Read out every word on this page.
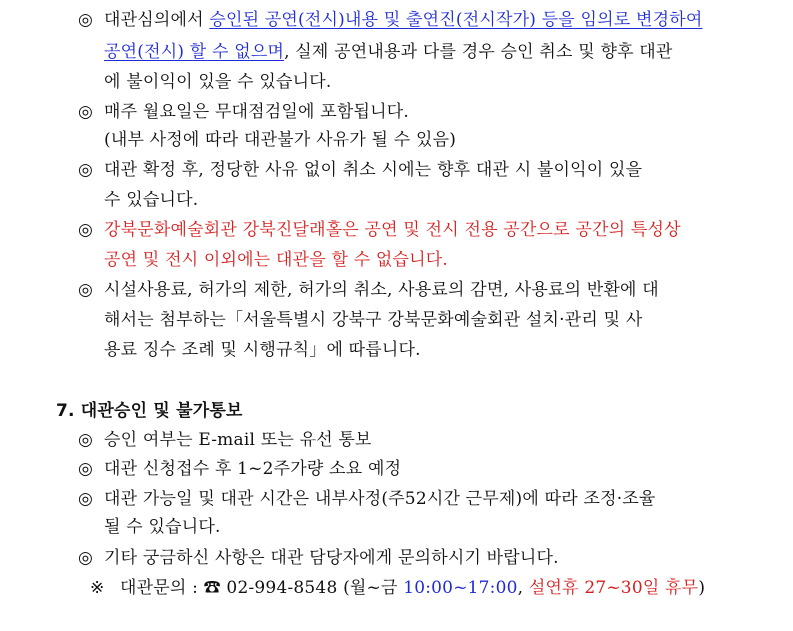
◎ 대관심의에서 승인된 공연(전시)내용 및 출연진(전시작가) 등을 임의로 변경하여
공연(전시) 할 수 없으며, 실제 공연내용과 다를 경우 승인 취소 및 향후 대관
에 불이익이 있을 수 있습니다.
◎ 매주 월요일은 무대점검일에 포함됩니다.
(내부 사정에 따라 대관불가 사유가 될 수 있음)
◎ 대관 확정 후, 정당한 사유 없이 취소 시에는 향후 대관 시 불이익이 있을
수 있습니다.
◎ 강북문화예술회관 강북진달래홀은 공연 및 전시 전용 공간으로 공간의 특성상
공연 및 전시 이외에는 대관을 할 수 없습니다.
◎ 시설사용료, 허가의 제한, 허가의 취소, 사용료의 감면, 사용료의 반환에 대
해서는 첨부하는「서울특별시 강북구 강북문화예술회관 설치·관리 및 사
용료 징수 조례 및 시행규칙」에 따릅니다.
7. 대관승인 및 불가통보
◎ 승인 여부는 E-mail 또는 유선 통보
◎ 대관 신청접수 후 1~2주가량 소요 예정
◎ 대관 가능일 및 대관 시간은 내부사정(주52시간 근무제)에 따라 조정·조율
될 수 있습니다.
◎ 기타 궁금하신 사항은 대관 담당자에게 문의하시기 바랍니다.
※ 대관문의 : ☎ 02-994-8548 (월~금 10:00~17:00, 설연휴 27~30일 휴무)
